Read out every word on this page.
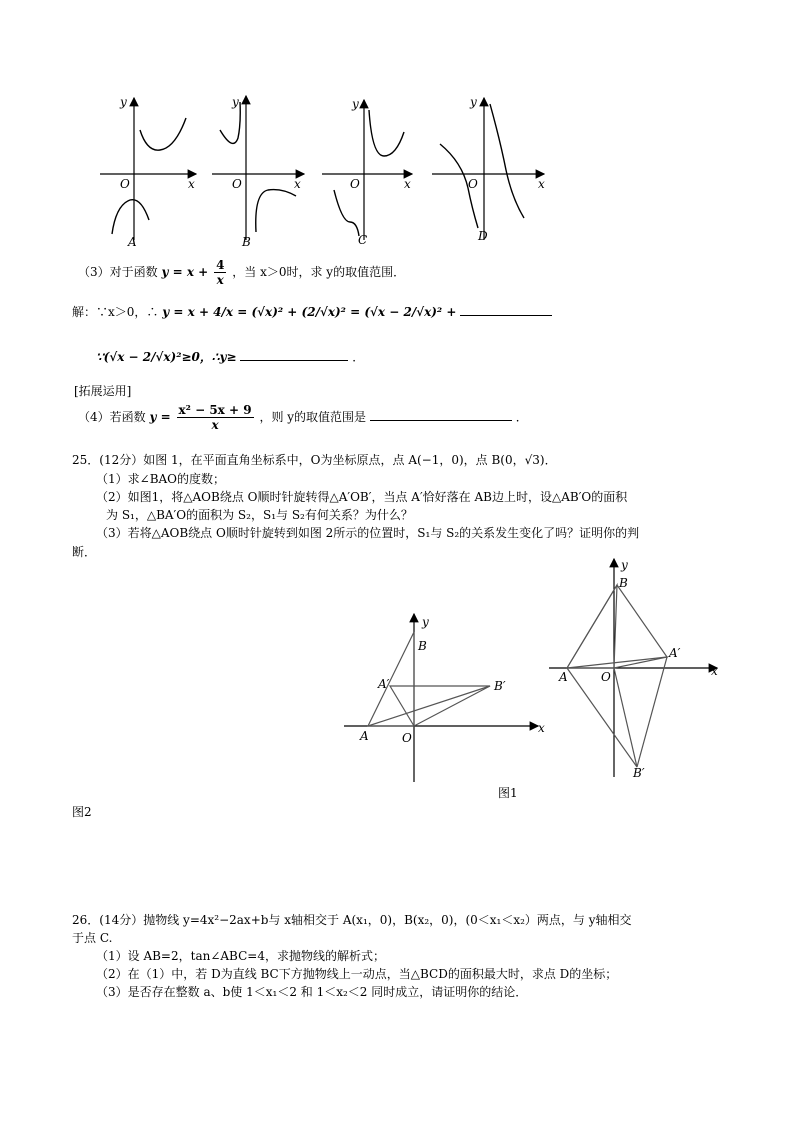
y
x
O
A
y
x
O
B
y
x
O
C
y
x
O
D
（3）对于函数 $y = x + \frac{4}{x}$ ，当 x＞0时，求 y的取值范围．
解：∵x＞0，∴ y = x + 4/x = (√x)² + (2/√x)² = (√x − 2/√x)² +
∵(√x − 2/√x)²≥0，∴y≥	．
[拓展运用]
（4）若函数 $y = \frac{\text{x² − 5x + 9}}{x}$ ，则 y的取值范围是	．
25．(12分）如图 1，在平面直角坐标系中，O为坐标原点，点 A(−1，0)，点 B(0，√3)．
（1）求∠BAO的度数；
（2）如图1，将△AOB绕点 O顺时针旋转得△A′OB′，当点 A′恰好落在 AB边上时，设△AB′O的面积
为 S₁，△BA′O的面积为 S₂，S₁与 S₂有何关系？为什么？
（3）若将△AOB绕点 O顺时针旋转到如图 2所示的位置时，S₁与 S₂的关系发生变化了吗？证明你的判
断．
B
A′	B′
A	O
x
y
图1
B
A′
B′
A	O	x
y
图2
26．(14分）抛物线 y=4x²−2ax+b与 x轴相交于 A(x₁，0)，B(x₂，0)，(0＜x₁＜x₂）两点，与 y轴相交
于点 C.
（1）设 AB=2，tan∠ABC=4，求抛物线的解析式；
（2）在（1）中，若 D为直线 BC下方抛物线上一动点，当△BCD的面积最大时，求点 D的坐标；
（3）是否存在整数 a、b使 1＜x₁＜2 和 1＜x₂＜2 同时成立，请证明你的结论．
